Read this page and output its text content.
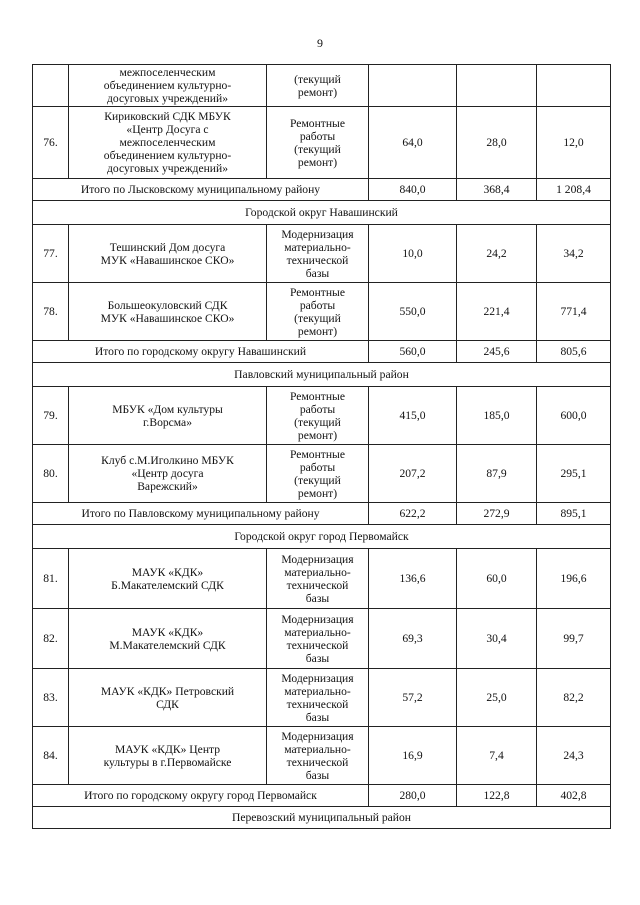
9

	межпоселенческим
объединением культурно-
досуговых учреждений»	(текущий
ремонт)			

76.	Кириковский СДК МБУК
«Центр Досуга с
межпоселенческим
объединением культурно-
досуговых учреждений»	Ремонтные
работы
(текущий
ремонт)	64,0	28,0	12,0
Итого по Лысковскому муниципальному району			840,0	368,4	1 208,4
Городской округ Навашинский					
77.	Тешинский Дом досуга
МУК «Навашинское СКО»	Модернизация
материально-
технической
базы	10,0	24,2	34,2
78.	Большеокуловский СДК
МУК «Навашинское СКО»	Ремонтные
работы
(текущий
ремонт)	550,0	221,4	771,4
Итого по городскому округу Навашинский			560,0	245,6	805,6
Павловский муниципальный район					
79.	МБУК «Дом культуры
г.Ворсма»	Ремонтные
работы
(текущий
ремонт)	415,0	185,0	600,0
80.	Клуб с.М.Иголкино МБУК
«Центр досуга
Варежский»	Ремонтные
работы
(текущий
ремонт)	207,2	87,9	295,1
Итого по Павловскому муниципальному району			622,2	272,9	895,1
Городской округ город Первомайск					
81.	МАУК «КДК»
Б.Макателемский СДК	Модернизация
материально-
технической
базы	136,6	60,0	196,6
82.	МАУК «КДК»
М.Макателемский СДК	Модернизация
материально-
технической
базы	69,3	30,4	99,7
83.	МАУК «КДК» Петровский
СДК	Модернизация
материально-
технической
базы	57,2	25,0	82,2
84.	МАУК «КДК» Центр
культуры в г.Первомайске	Модернизация
материально-
технической
базы	16,9	7,4	24,3
Итого по городскому округу город Первомайск			280,0	122,8	402,8
Перевозский муниципальный район					
